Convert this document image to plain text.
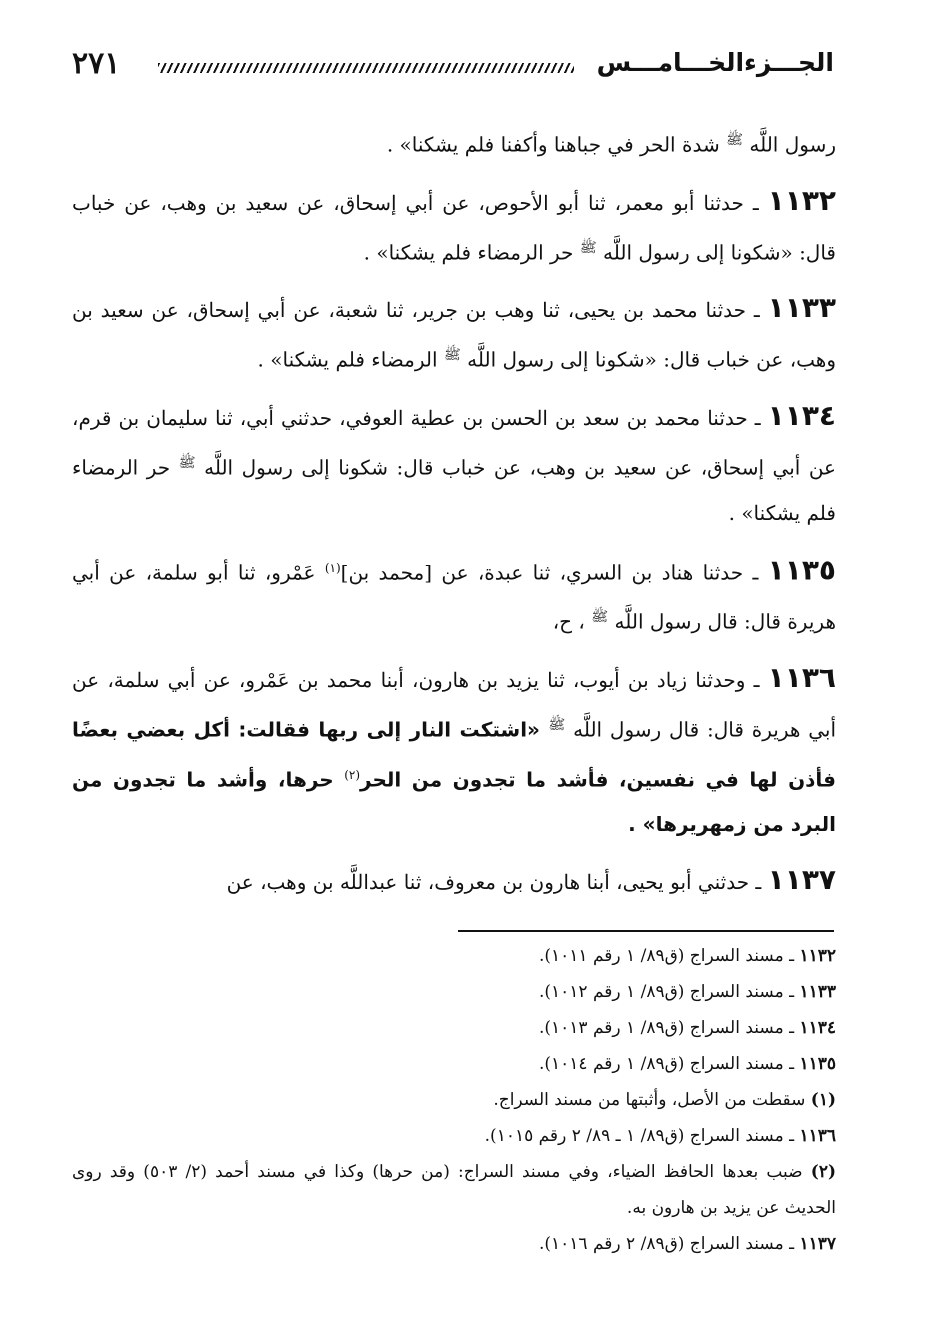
الجـــزءالخـــامـــس
٢٧١

رسول اللَّه $^ﷺ$ شدة الحر في جباهنا وأكفنا فلم يشكنا» .

١١٣٢ ـ حدثنا أبو معمر، ثنا أبو الأحوص، عن أبي إسحاق، عن سعيد بن وهب، عن خباب قال: «شكونا إلى رسول اللَّه $^ﷺ$ حر الرمضاء فلم يشكنا» .

١١٣٣ ـ حدثنا محمد بن يحيى، ثنا وهب بن جرير، ثنا شعبة، عن أبي إسحاق، عن سعيد بن وهب، عن خباب قال: «شكونا إلى رسول اللَّه $^ﷺ$ الرمضاء فلم يشكنا» .

١١٣٤ ـ حدثنا محمد بن سعد بن الحسن بن عطية العوفي، حدثني أبي، ثنا سليمان بن قرم، عن أبي إسحاق، عن سعيد بن وهب، عن خباب قال: شكونا إلى رسول اللَّه $^ﷺ$ حر الرمضاء فلم يشكنا» .

١١٣٥ ـ حدثنا هناد بن السري، ثنا عبدة، عن [محمد بن]$^{(١)}$ عَمْرو، ثنا أبو سلمة، عن أبي هريرة قال: قال رسول اللَّه $^ﷺ$ ، ح،

١١٣٦ ـ وحدثنا زياد بن أيوب، ثنا يزيد بن هارون، أبنا محمد بن عَمْرو، عن أبي سلمة، عن أبي هريرة قال: قال رسول اللَّه $^ﷺ$ «اشتكت النار إلى ربها فقالت: أكل بعضي بعضًا فأذن لها في نفسين، فأشد ما تجدون من الحر$^{(٢)}$ حرها، وأشد ما تجدون من البرد من زمهريرها» .

١١٣٧ ـ حدثني أبو يحيى، أبنا هارون بن معروف، ثنا عبداللَّه بن وهب، عن

١١٣٢ ـ مسند السراج (ق٨٩/ ١ رقم ١٠١١).

١١٣٣ ـ مسند السراج (ق٨٩/ ١ رقم ١٠١٢).

١١٣٤ ـ مسند السراج (ق٨٩/ ١ رقم ١٠١٣).

١١٣٥ ـ مسند السراج (ق٨٩/ ١ رقم ١٠١٤).

(١) سقطت من الأصل، وأثبتها من مسند السراج.

١١٣٦ ـ مسند السراج (ق٨٩/ ١ ـ ٨٩/ ٢ رقم ١٠١٥).

(٢) ضبب بعدها الحافظ الضياء، وفي مسند السراج: (من حرها) وكذا في مسند أحمد (٢/ ٥٠٣) وقد روى الحديث عن يزيد بن هارون به.

١١٣٧ ـ مسند السراج (ق٨٩/ ٢ رقم ١٠١٦).
